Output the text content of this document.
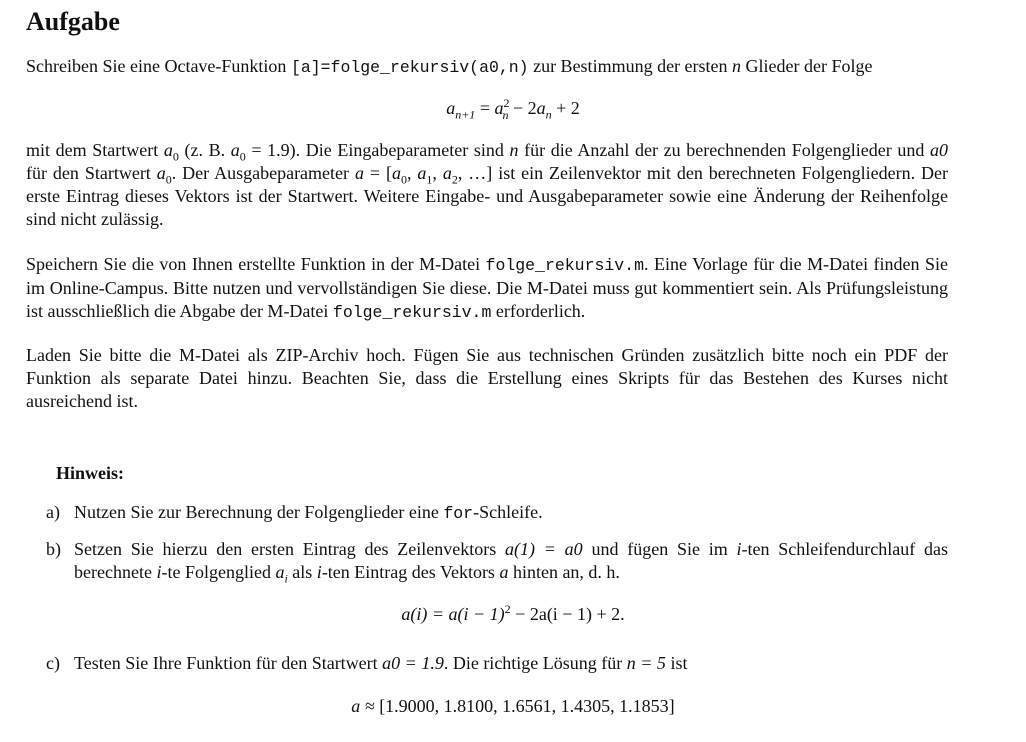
Aufgabe

Schreiben Sie eine Octave-Funktion [a]=folge_rekursiv(a0,n) zur Bestimmung der ersten n Glieder der Folge

$a_{n+1} = a^2_n - 2a_n + 2$

mit dem Startwert $a_0$ (z. B. $a_0 = 1.9$). Die Eingabeparameter sind n für die Anzahl der zu berechnenden Folgenglieder und a0 für den Startwert $a_0$. Der Ausgabeparameter $a = [a_0$, $a_1$, $a_2$, …] ist ein Zeilenvektor mit den berechneten Folgengliedern. Der erste Eintrag dieses Vektors ist der Startwert. Weitere Eingabe- und Ausgabeparameter sowie eine Änderung der Reihenfolge sind nicht zulässig.

Speichern Sie die von Ihnen erstellte Funktion in der M-Datei folge_rekursiv.m. Eine Vorlage für die M-Datei finden Sie im Online-Campus. Bitte nutzen und vervollständigen Sie diese. Die M-Datei muss gut kommentiert sein. Als Prüfungsleistung ist ausschließlich die Abgabe der M-Datei folge_rekursiv.m erforderlich.

Laden Sie bitte die M-Datei als ZIP-Archiv hoch. Fügen Sie aus technischen Gründen zusätzlich bitte noch ein PDF der Funktion als separate Datei hinzu. Beachten Sie, dass die Erstellung eines Skripts für das Bestehen des Kurses nicht ausreichend ist.

Hinweis:

a) Nutzen Sie zur Berechnung der Folgenglieder eine for-Schleife.
b) Setzen Sie hierzu den ersten Eintrag des Zeilenvektors a(1) = a0 und fügen Sie im i-ten Schleifendurchlauf das berechnete i-te Folgenglied $a_i$ als i-ten Eintrag des Vektors a hinten an, d. h.

$a(i) = a(i - 1)^2 - 2a(i - 1) + 2$.

c) Testen Sie Ihre Funktion für den Startwert a0 = 1.9. Die richtige Lösung für n = 5 ist

a ≈ [1.9000, 1.8100, 1.6561, 1.4305, 1.1853]
